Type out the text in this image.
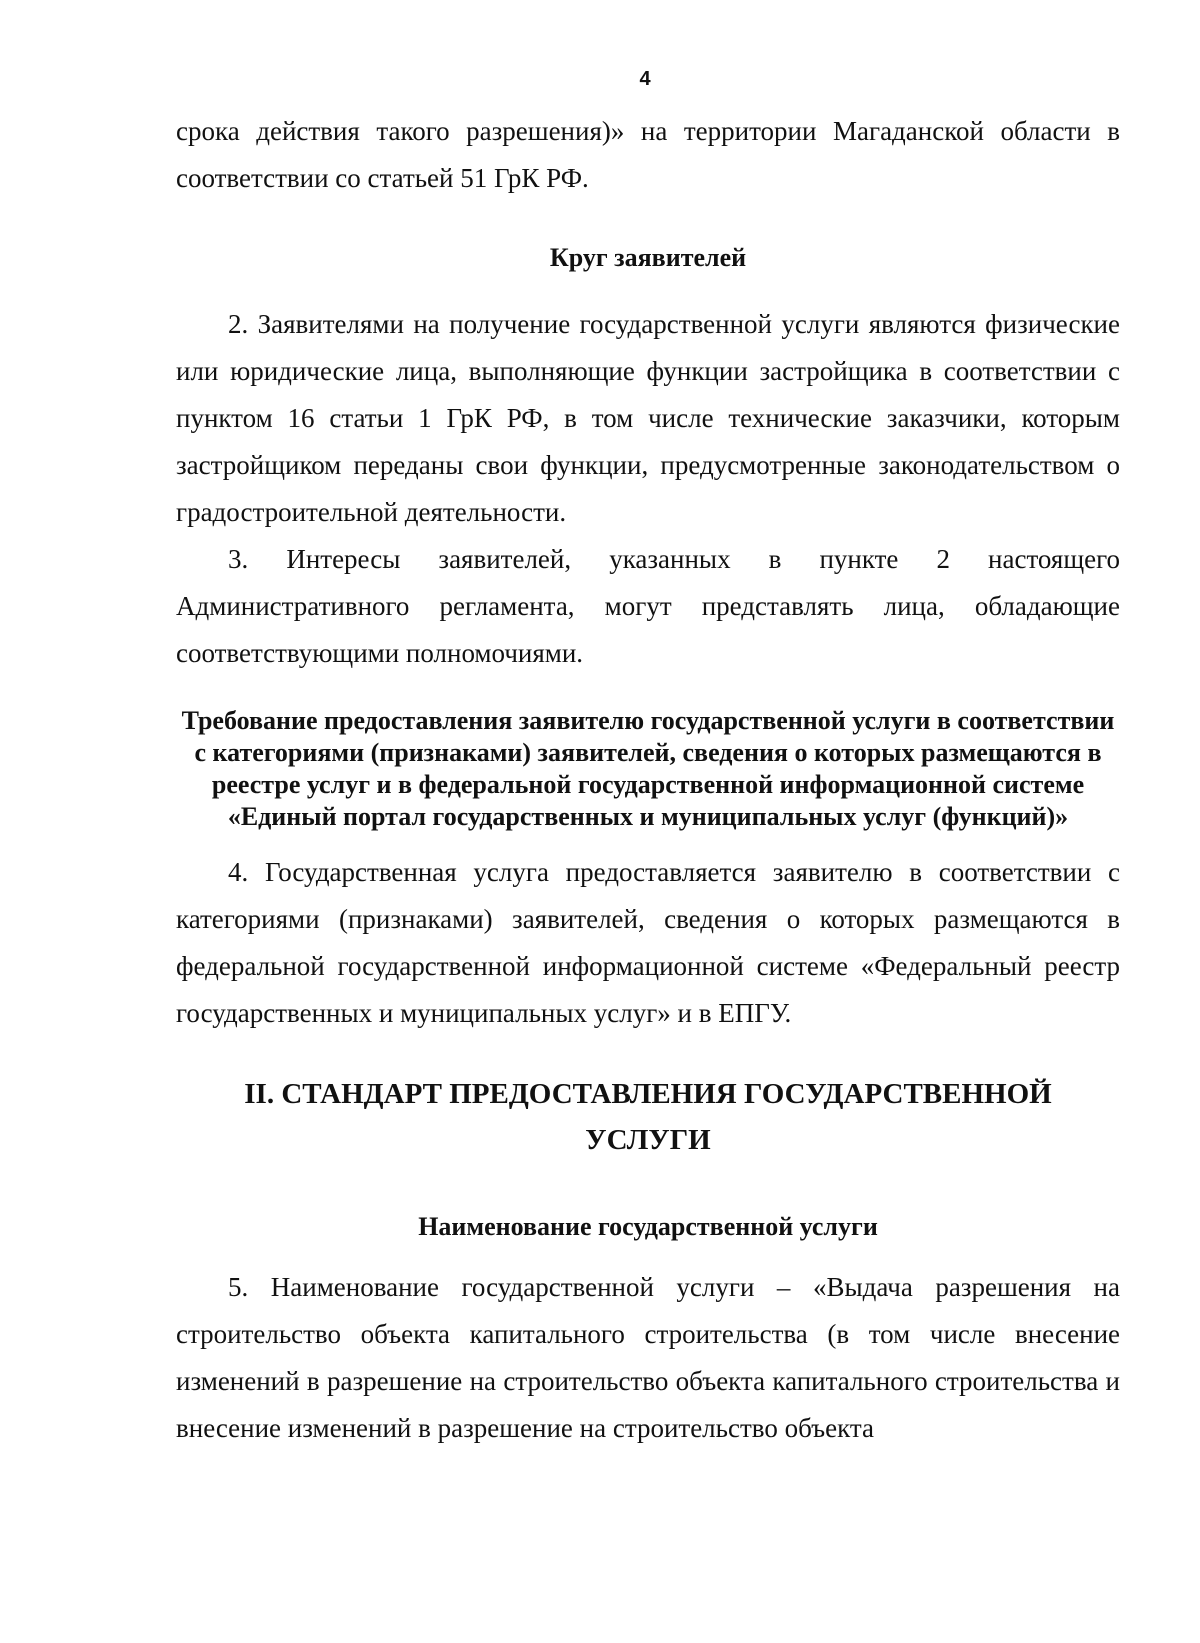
4

срока действия такого разрешения)» на территории Магаданской области в соответствии со статьей 51 ГрК РФ.

Круг заявителей

2. Заявителями на получение государственной услуги являются физические или юридические лица, выполняющие функции застройщика в соответствии с пунктом 16 статьи 1 ГрК РФ, в том числе технические заказчики, которым застройщиком переданы свои функции, предусмотренные законодательством о градостроительной деятельности.

3. Интересы заявителей, указанных в пункте 2 настоящего Административного регламента, могут представлять лица, обладающие соответствующими полномочиями.

Требование предоставления заявителю государственной услуги в соответствии с категориями (признаками) заявителей, сведения о которых размещаются в реестре услуг и в федеральной государственной информационной системе «Единый портал государственных и муниципальных услуг (функций)»

4. Государственная услуга предоставляется заявителю в соответствии с категориями (признаками) заявителей, сведения о которых размещаются в федеральной государственной информационной системе «Федеральный реестр государственных и муниципальных услуг» и в ЕПГУ.

II. СТАНДАРТ ПРЕДОСТАВЛЕНИЯ ГОСУДАРСТВЕННОЙ
УСЛУГИ
Наименование государственной услуги

5. Наименование государственной услуги – «Выдача разрешения на строительство объекта капитального строительства (в том числе внесение изменений в разрешение на строительство объекта капитального строительства и внесение изменений в разрешение на строительство объекта
